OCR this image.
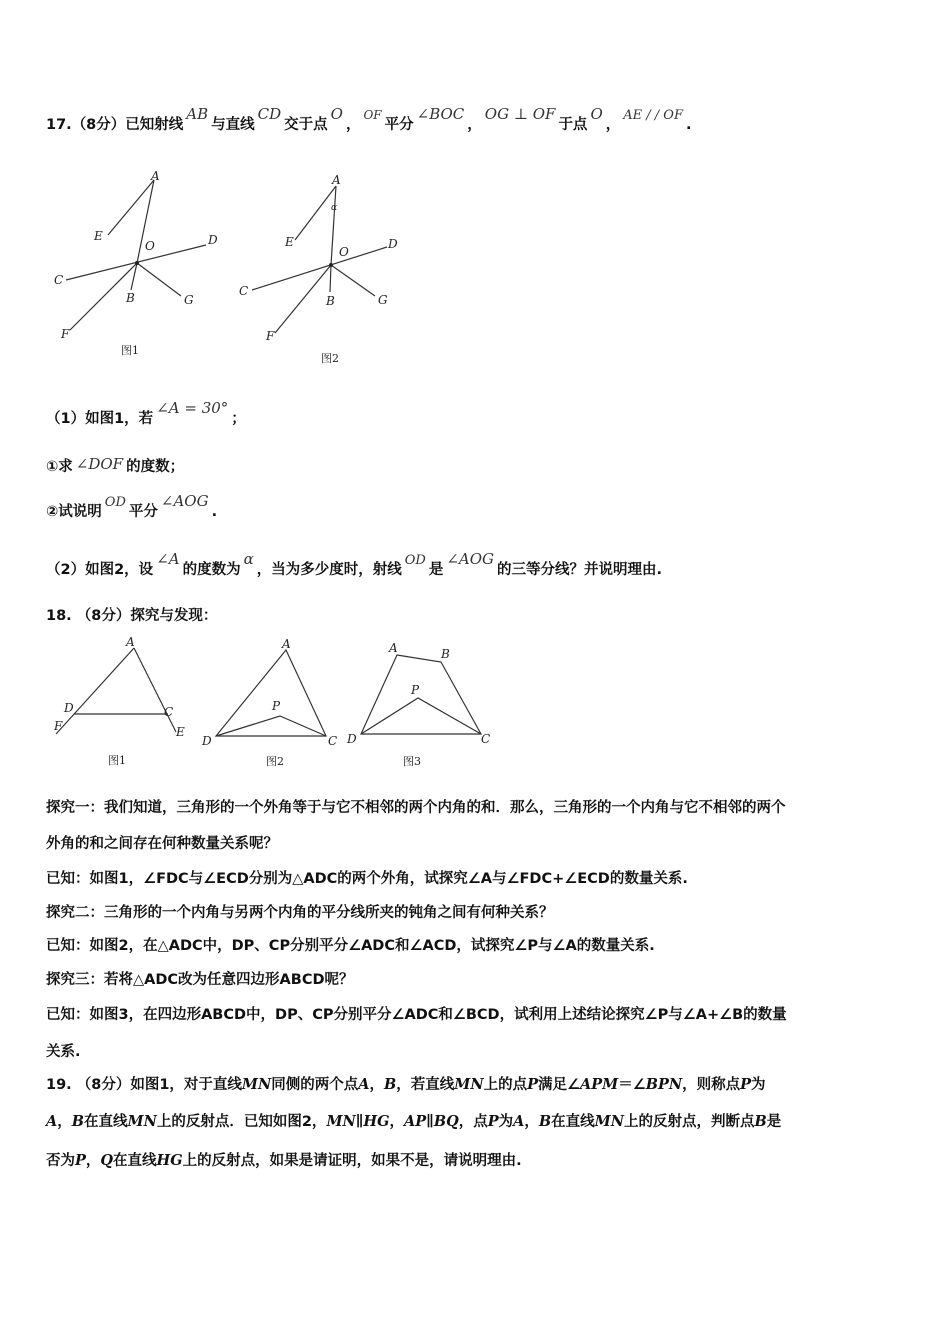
17.（8分）已知射线AB与直线CD交于点O，$^{OF}$平分∠BOC，OG ⊥ OF于点O，AE / / OF.
A
E
O	D
C
B	G
F
图1
A
α
E
O
D
C
B	G
F
图2
（1）如图1，若∠A = 30°；
①求 ∠DOF 的度数；
②试说明OD平分∠AOG.
（2）如图2，设∠A的度数为α，当为多少度时，射线OD是∠AOG的三等分线？并说明理由.
18. （8分）探究与发现：
A
D
F
C
E
图1
A
P
D	C
图2
A	B
P
D	C
图3
探究一：我们知道，三角形的一个外角等于与它不相邻的两个内角的和．那么，三角形的一个内角与它不相邻的两个
外角的和之间存在何种数量关系呢？
已知：如图1，∠FDC与∠ECD分别为△ADC的两个外角，试探究∠A与∠FDC+∠ECD的数量关系.
探究二：三角形的一个内角与另两个内角的平分线所夹的钝角之间有何种关系？
已知：如图2，在△ADC中，DP、CP分别平分∠ADC和∠ACD，试探究∠P与∠A的数量关系.
探究三：若将△ADC改为任意四边形ABCD呢？
已知：如图3，在四边形ABCD中，DP、CP分别平分∠ADC和∠BCD，试利用上述结论探究∠P与∠A+∠B的数量
关系.
19. （8分）如图1，对于直线MN同侧的两个点A，B，若直线MN上的点P满足∠APM＝∠BPN，则称点P为
A，B在直线MN上的反射点．已知如图2，MN∥HG，AP∥BQ，点P为A，B在直线MN上的反射点，判断点B是
否为P，Q在直线HG上的反射点，如果是请证明，如果不是，请说明理由.
